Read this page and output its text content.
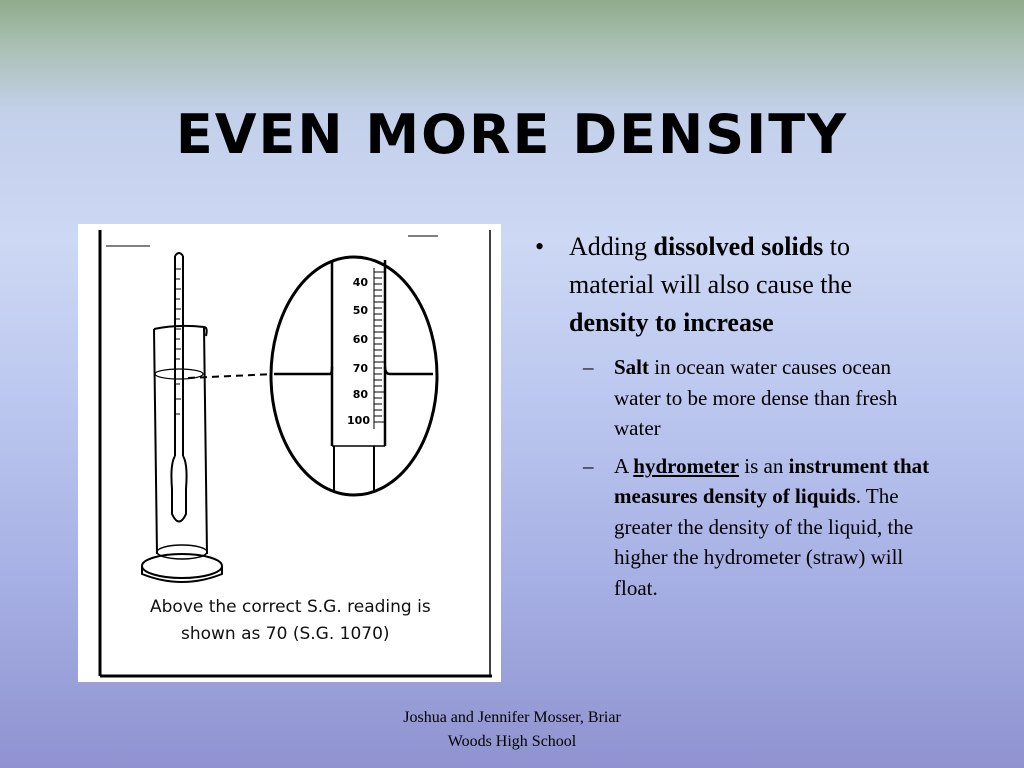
EVEN MORE DENSITY
40
50
60
70
80
100
Above the correct S.G. reading is
shown as 70 (S.G. 1070)
• Adding dissolved solids to material will also cause the density to increase
– Salt in ocean water causes ocean water to be more dense than fresh water
– A hydrometer is an instrument that measures density of liquids. The greater the density of the liquid, the higher the hydrometer (straw) will float.
Joshua and Jennifer Mosser, Briar
Woods High School
